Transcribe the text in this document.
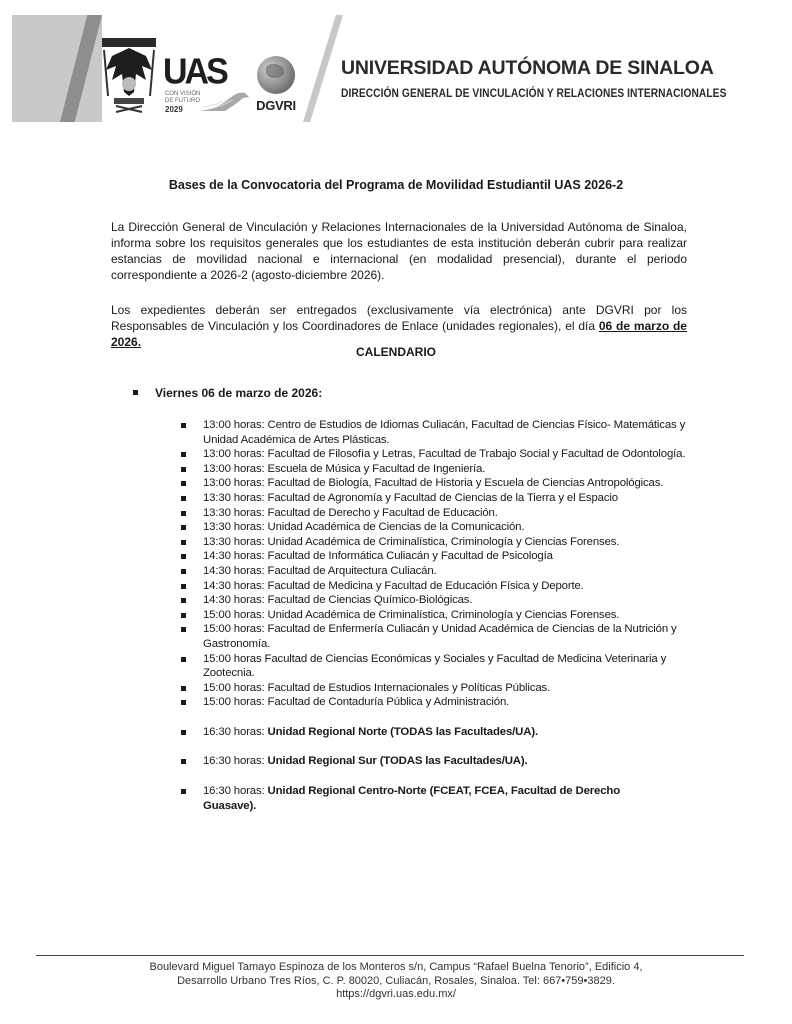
UAS
CON VISIÓN DE FUTURO
2029	DGVRI
UNIVERSIDAD AUTÓNOMA DE SINALOA
DIRECCIÓN GENERAL DE VINCULACIÓN Y RELACIONES INTERNACIONALES
Bases de la Convocatoria del Programa de Movilidad Estudiantil UAS 2026-2

La Dirección General de Vinculación y Relaciones Internacionales de la Universidad Autónoma de Sinaloa, informa sobre los requisitos generales que los estudiantes de esta institución deberán cubrir para realizar estancias de movilidad nacional e internacional (en modalidad presencial), durante el periodo correspondiente a 2026-2 (agosto-diciembre 2026).

Los expedientes deberán ser entregados (exclusivamente vía electrónica) ante DGVRI por los Responsables de Vinculación y los Coordinadores de Enlace (unidades regionales), el día 06 de marzo de 2026.

CALENDARIO
Viernes 06 de marzo de 2026:
13:00 horas: Centro de Estudios de Idiomas Culiacán, Facultad de Ciencias Físico- Matemáticas y Unidad Académica de Artes Plásticas.
13:00 horas: Facultad de Filosofía y Letras, Facultad de Trabajo Social y Facultad de Odontología.
13:00 horas: Escuela de Música y Facultad de Ingeniería.
13:00 horas: Facultad de Biología, Facultad de Historia y Escuela de Ciencias Antropológicas.
13:30 horas: Facultad de Agronomía y Facultad de Ciencias de la Tierra y el Espacio
13:30 horas: Facultad de Derecho y Facultad de Educación.
13:30 horas: Unidad Académica de Ciencias de la Comunicación.
13:30 horas: Unidad Académica de Criminalística, Criminología y Ciencias Forenses.
14:30 horas: Facultad de Informática Culiacán y Facultad de Psicología
14:30 horas: Facultad de Arquitectura Culiacán.
14:30 horas: Facultad de Medicina y Facultad de Educación Física y Deporte.
14:30 horas: Facultad de Ciencias Químico-Biológicas.
15:00 horas: Unidad Académica de Criminalística, Criminología y Ciencias Forenses.
15:00 horas: Facultad de Enfermería Culiacán y Unidad Académica de Ciencias de la Nutrición y Gastronomía.
15:00 horas Facultad de Ciencias Económicas y Sociales y Facultad de Medicina Veterinaria y Zootecnia.
15:00 horas: Facultad de Estudios Internacionales y Políticas Públicas.
15:00 horas: Facultad de Contaduría Pública y Administración.
16:30 horas: Unidad Regional Norte (TODAS las Facultades/UA).
16:30 horas: Unidad Regional Sur (TODAS las Facultades/UA).
16:30 horas: Unidad Regional Centro-Norte (FCEAT, FCEA, Facultad de Derecho Guasave).
Boulevard Miguel Tamayo Espinoza de los Monteros s/n, Campus “Rafael Buelna Tenorio”, Edificio 4,
Desarrollo Urbano Tres Ríos, C. P. 80020, Culiacán, Rosales, Sinaloa. Tel: 667•759•3829.
https://dgvri.uas.edu.mx/
